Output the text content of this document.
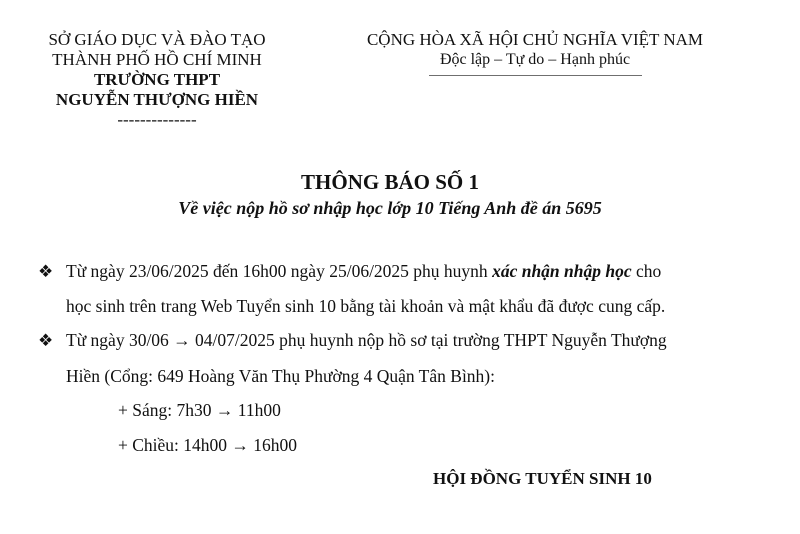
SỞ GIÁO DỤC VÀ ĐÀO TẠO
THÀNH PHỐ HỒ CHÍ MINH
TRƯỜNG THPT
NGUYỄN THƯỢNG HIỀN
--------------
CỘNG HÒA XÃ HỘI CHỦ NGHĨA VIỆT NAM
Độc lập – Tự do – Hạnh phúc
THÔNG BÁO SỐ 1
Về việc nộp hồ sơ nhập học lớp 10 Tiếng Anh đề án 5695
❖ Từ ngày 23/06/2025 đến 16h00 ngày 25/06/2025 phụ huynh xác nhận nhập học cho
học sinh trên trang Web Tuyển sinh 10 bằng tài khoản và mật khẩu đã được cung cấp.
❖ Từ ngày 30/06 → 04/07/2025 phụ huynh nộp hồ sơ tại trường THPT Nguyễn Thượng
Hiền (Cổng: 649 Hoàng Văn Thụ Phường 4 Quận Tân Bình):
+ Sáng: 7h30 → 11h00
+ Chiều: 14h00 → 16h00
HỘI ĐỒNG TUYỂN SINH 10
